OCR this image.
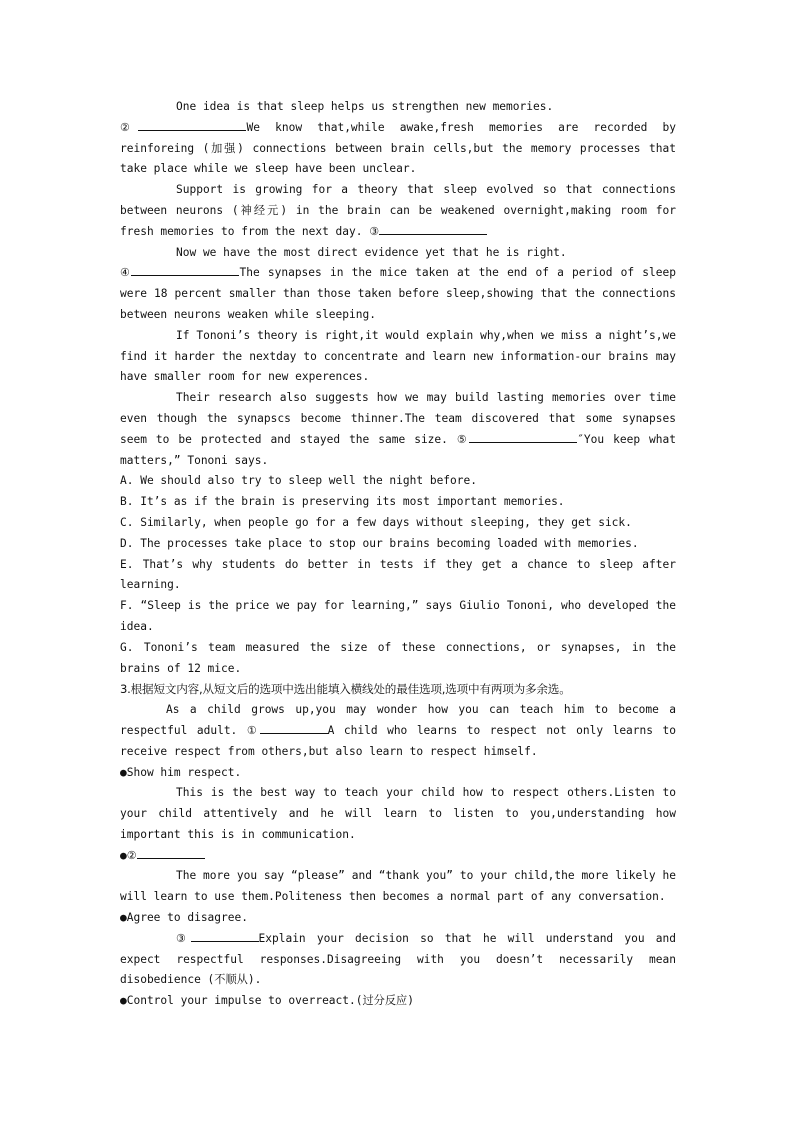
One idea is that sleep helps us strengthen new memories.

②	We know that,while awake,fresh memories are recorded by reinforeing (加强) connections between brain cells,but the memory processes that take place while we sleep have been unclear.

Support is growing for a theory that sleep evolved so that connections between neurons (神经元) in the brain can be weakened overnight,making room for fresh memories to from the next day. ③

Now we have the most direct evidence yet that he is right.

④	The synapses in the mice taken at the end of a period of sleep were 18 percent smaller than those taken before sleep,showing that the connections between neurons weaken while sleeping.

If Tononi’s theory is right,it would explain why,when we miss a night’s,we find it harder the nextday to concentrate and learn new information-our brains may have smaller room for new experences.

Their research also suggests how we may build lasting memories over time even though the synapscs become thinner.The team discovered that some synapses seem to be protected and stayed the same size. ⑤	″You keep what matters,” Tononi says.

A. We should also try to sleep well the night before.

B. It’s as if the brain is preserving its most important memories.

C. Similarly, when people go for a few days without sleeping, they get sick.

D. The processes take place to stop our brains becoming loaded with memories.

E. That’s why students do better in tests if they get a chance to sleep after learning.

F. “Sleep is the price we pay for learning,” says Giulio Tononi, who developed the idea.

G. Tononi’s team measured the size of these connections, or synapses, in the brains of 12 mice.

3.根据短文内容,从短文后的选项中选出能填入横线处的最佳选项,选项中有两项为多余选。

As a child grows up,you may wonder how you can teach him to become a respectful adult. ①	A child who learns to respect not only learns to receive respect from others,but also learn to respect himself.

●Show him respect.

This is the best way to teach your child how to respect others.Listen to your child attentively and he will learn to listen to you,understanding how important this is in communication.

●②

The more you say “please” and “thank you” to your child,the more likely he will learn to use them.Politeness then becomes a normal part of any conversation.

●Agree to disagree.

③	Explain your decision so that he will understand you and expect respectful responses.Disagreeing with you doesn’t necessarily mean disobedience (不顺从).

●Control your impulse to overreact.(过分反应)
